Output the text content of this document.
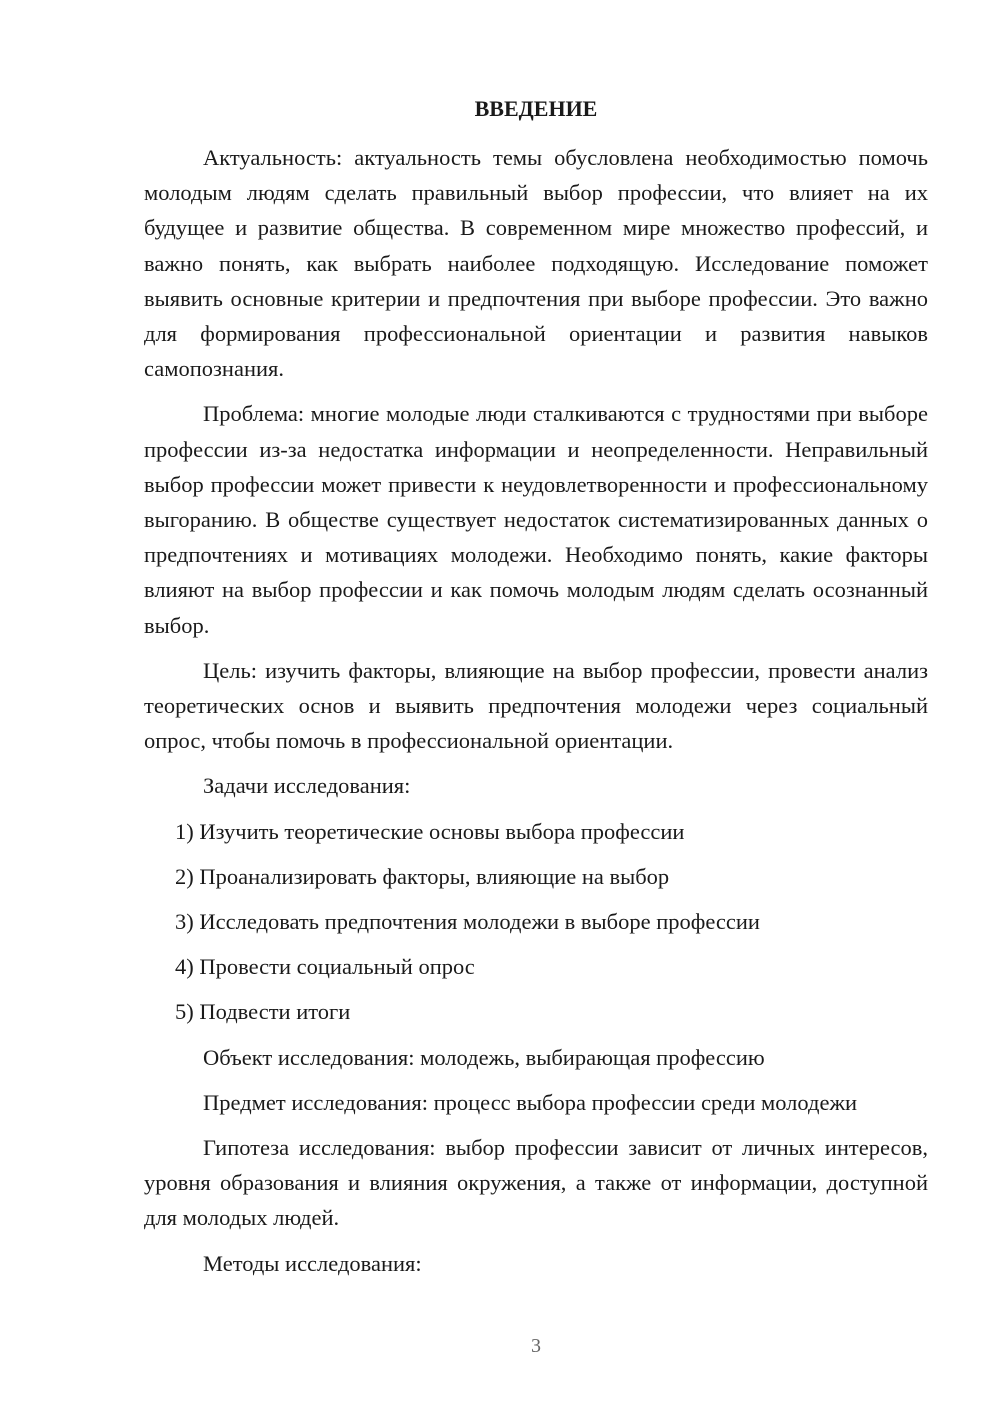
ВВЕДЕНИЕ

Актуальность: актуальность темы обусловлена необходимостью помочь молодым людям сделать правильный выбор профессии, что влияет на их будущее и развитие общества. В современном мире множество профессий, и важно понять, как выбрать наиболее подходящую. Исследование поможет выявить основные критерии и предпочтения при выборе профессии. Это важно для формирования профессиональной ориентации и развития навыков самопознания.

Проблема: многие молодые люди сталкиваются с трудностями при выборе профессии из-за недостатка информации и неопределенности. Неправильный выбор профессии может привести к неудовлетворенности и профессиональному выгоранию. В обществе существует недостаток систематизированных данных о предпочтениях и мотивациях молодежи. Необходимо понять, какие факторы влияют на выбор профессии и как помочь молодым людям сделать осознанный выбор.

Цель: изучить факторы, влияющие на выбор профессии, провести анализ теоретических основ и выявить предпочтения молодежи через социальный опрос, чтобы помочь в профессиональной ориентации.

Задачи исследования:

1) Изучить теоретические основы выбора профессии
2) Проанализировать факторы, влияющие на выбор
3) Исследовать предпочтения молодежи в выборе профессии
4) Провести социальный опрос
5) Подвести итоги

Объект исследования: молодежь, выбирающая профессию

Предмет исследования: процесс выбора профессии среди молодежи

Гипотеза исследования: выбор профессии зависит от личных интересов, уровня образования и влияния окружения, а также от информации, доступной для молодых людей.

Методы исследования:

3
